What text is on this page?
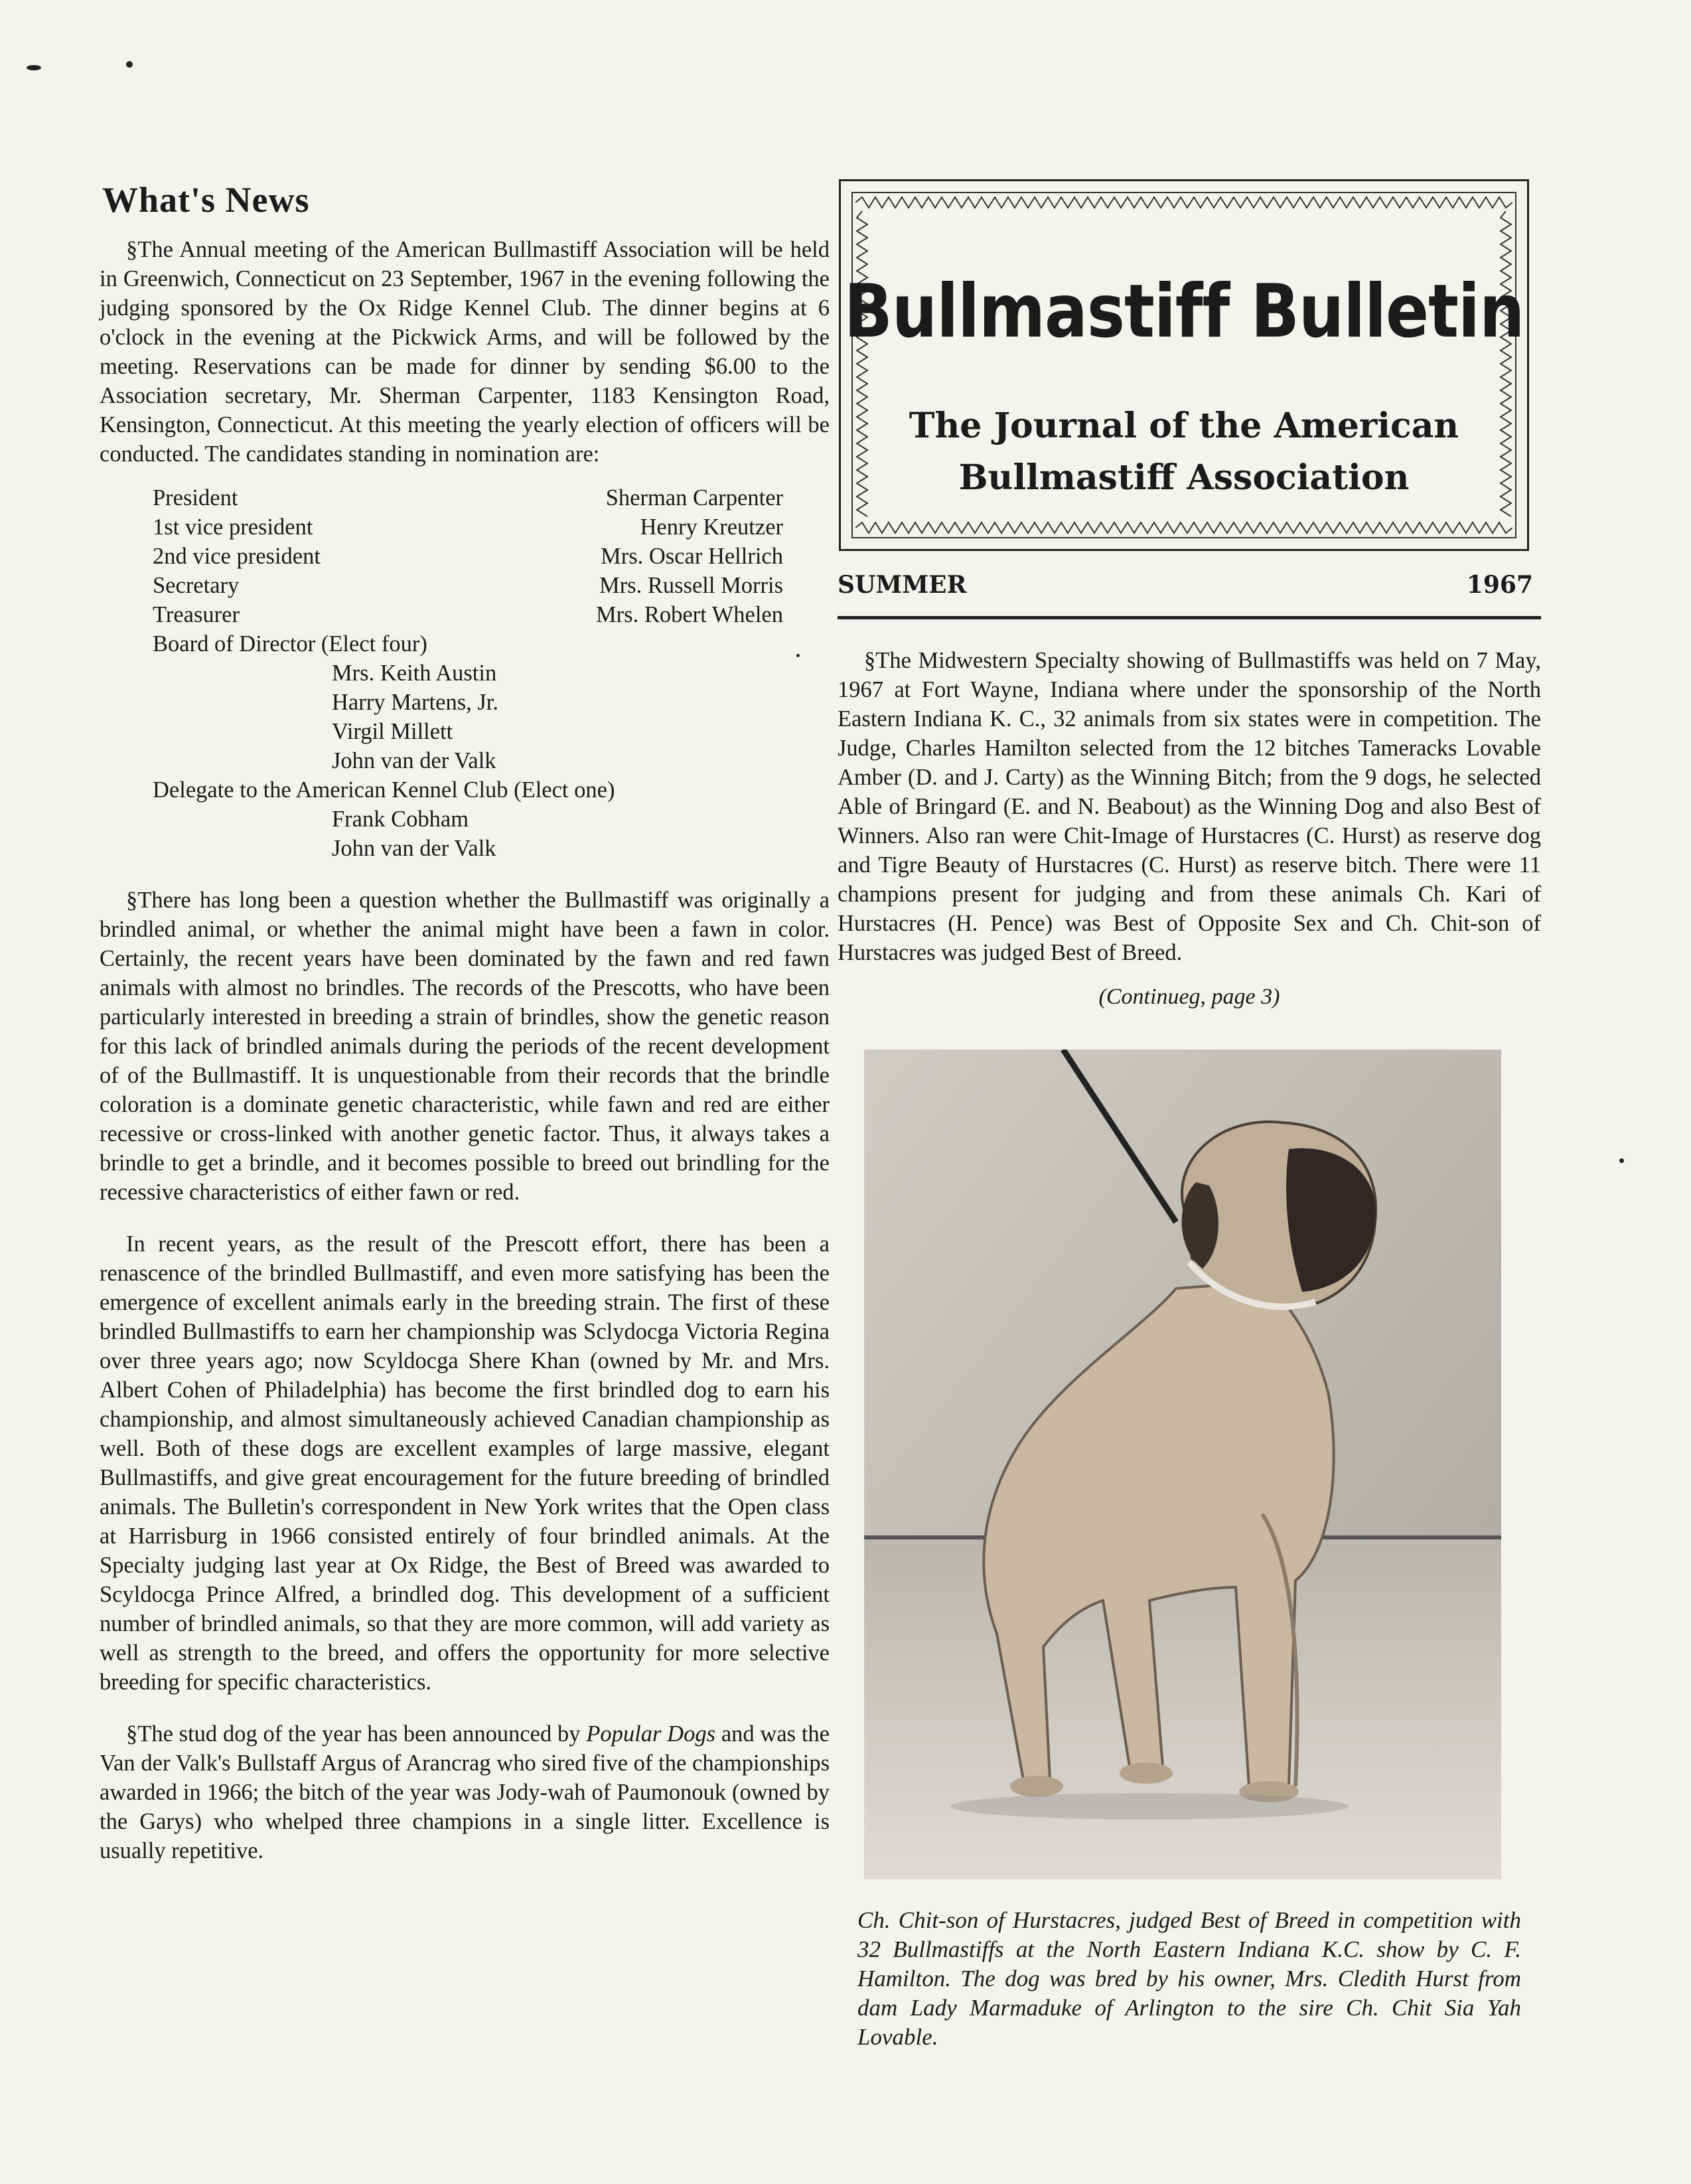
What's News

§The Annual meeting of the American Bullmastiff Association will be held in Greenwich, Connecticut on 23 September, 1967 in the evening following the judging sponsored by the Ox Ridge Kennel Club. The dinner begins at 6 o'clock in the evening at the Pickwick Arms, and will be followed by the meeting. Reservations can be made for dinner by sending $6.00 to the Association secretary, Mr. Sherman Carpenter, 1183 Kensington Road, Kensington, Connecticut. At this meeting the yearly election of officers will be conducted. The candidates standing in nomination are:

President	Sherman Carpenter
1st vice president	Henry Kreutzer
2nd vice president	Mrs. Oscar Hellrich
Secretary	Mrs. Russell Morris
Treasurer	Mrs. Robert Whelen
Board of Director (Elect four)
Mrs. Keith Austin
Harry Martens, Jr.
Virgil Millett
John van der Valk
Delegate to the American Kennel Club (Elect one)
Frank Cobham
John van der Valk

§There has long been a question whether the Bullmastiff was originally a brindled animal, or whether the animal might have been a fawn in color. Certainly, the recent years have been dominated by the fawn and red fawn animals with almost no brindles. The records of the Prescotts, who have been particularly interested in breeding a strain of brindles, show the genetic reason for this lack of brindled animals during the periods of the recent development of of the Bullmastiff. It is unquestionable from their records that the brindle coloration is a dominate genetic characteristic, while fawn and red are either recessive or cross-linked with another genetic factor. Thus, it always takes a brindle to get a brindle, and it becomes possible to breed out brindling for the recessive characteristics of either fawn or red.

In recent years, as the result of the Prescott effort, there has been a renascence of the brindled Bullmastiff, and even more satisfying has been the emergence of excellent animals early in the breeding strain. The first of these brindled Bullmastiffs to earn her championship was Sclydocga Victoria Regina over three years ago; now Scyldocga Shere Khan (owned by Mr. and Mrs. Albert Cohen of Philadelphia) has become the first brindled dog to earn his championship, and almost simultaneously achieved Canadian championship as well. Both of these dogs are excellent examples of large massive, elegant Bullmastiffs, and give great encouragement for the future breeding of brindled animals. The Bulletin's correspondent in New York writes that the Open class at Harrisburg in 1966 consisted entirely of four brindled animals. At the Specialty judging last year at Ox Ridge, the Best of Breed was awarded to Scyldocga Prince Alfred, a brindled dog. This development of a sufficient number of brindled animals, so that they are more common, will add variety as well as strength to the breed, and offers the opportunity for more selective breeding for specific characteristics.

§The stud dog of the year has been announced by Popular Dogs and was the Van der Valk's Bullstaff Argus of Arancrag who sired five of the championships awarded in 1966; the bitch of the year was Jody-wah of Paumonouk (owned by the Garys) who whelped three champions in a single litter. Excellence is usually repetitive.

Bullmastiff Bulletin
The Journal of the American
Bullmastiff Association
SUMMER	1967

§The Midwestern Specialty showing of Bullmastiffs was held on 7 May, 1967 at Fort Wayne, Indiana where under the sponsorship of the North Eastern Indiana K. C., 32 animals from six states were in competition. The Judge, Charles Hamilton selected from the 12 bitches Tameracks Lovable Amber (D. and J. Carty) as the Winning Bitch; from the 9 dogs, he selected Able of Bringard (E. and N. Beabout) as the Winning Dog and also Best of Winners. Also ran were Chit-Image of Hurstacres (C. Hurst) as reserve dog and Tigre Beauty of Hurstacres (C. Hurst) as reserve bitch. There were 11 champions present for judging and from these animals Ch. Kari of Hurstacres (H. Pence) was Best of Opposite Sex and Ch. Chit-son of Hurstacres was judged Best of Breed.

(Continueg, page 3)

Ch. Chit-son of Hurstacres, judged Best of Breed in competition with 32 Bullmastiffs at the North Eastern Indiana K.C. show by C. F. Hamilton. The dog was bred by his owner, Mrs. Cledith Hurst from dam Lady Marmaduke of Arlington to the sire Ch. Chit Sia Yah Lovable.
